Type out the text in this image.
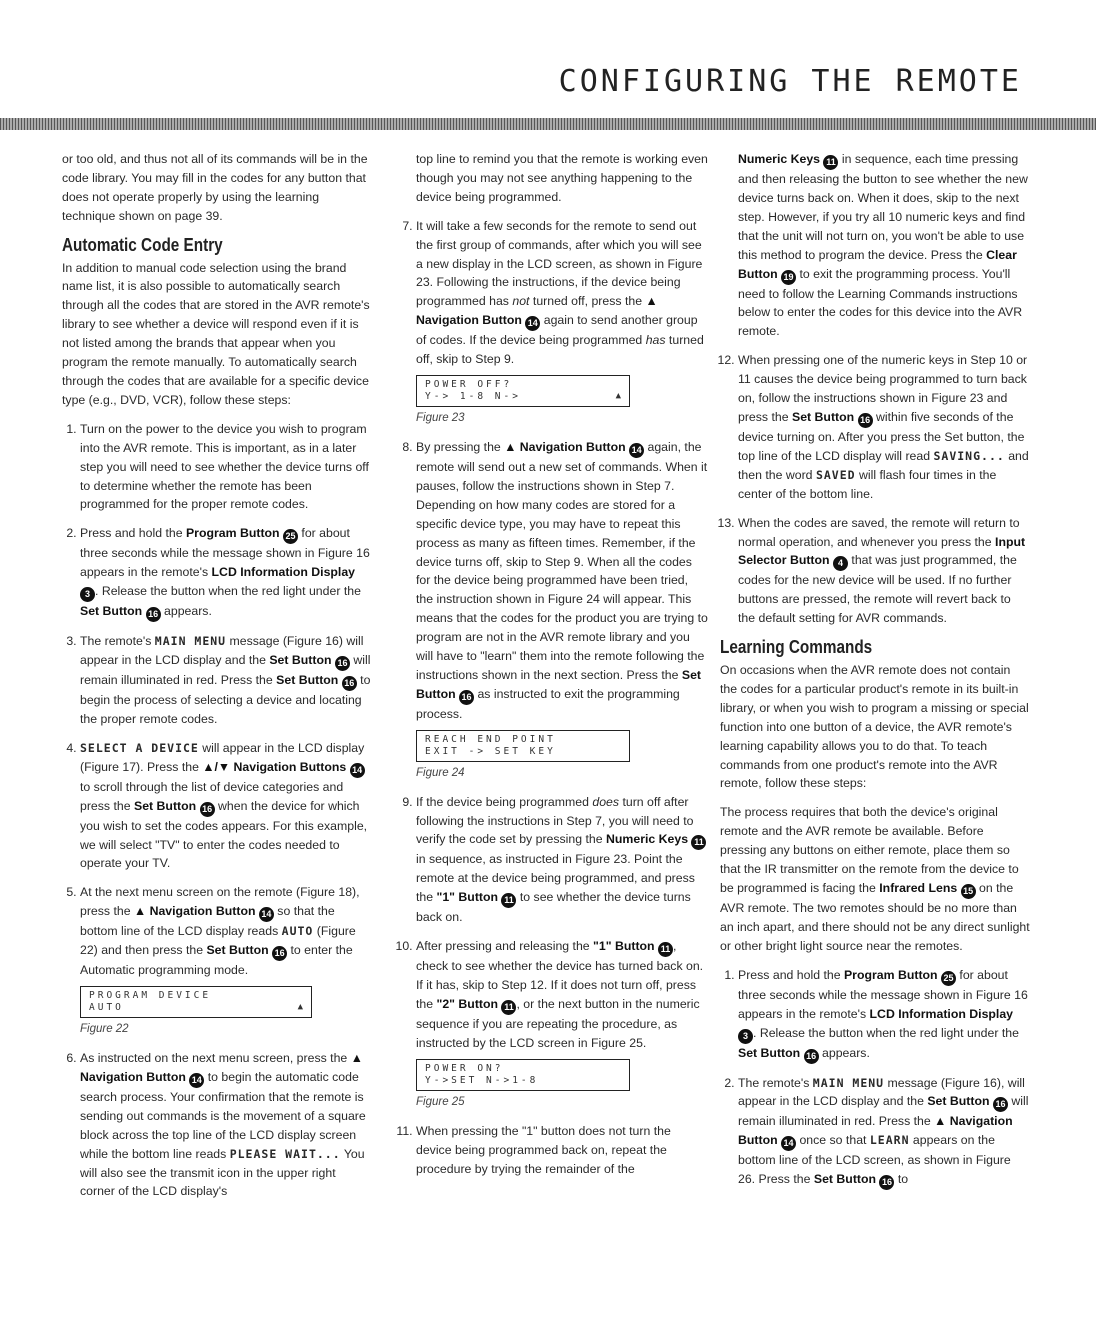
CONFIGURING THE REMOTE

or too old, and thus not all of its commands will be in the code library. You may fill in the codes for any button that does not operate properly by using the learning technique shown on page 39.

Automatic Code Entry

In addition to manual code selection using the brand name list, it is also possible to automatically search through all the codes that are stored in the AVR remote's library to see whether a device will respond even if it is not listed among the brands that appear when you program the remote manually. To automatically search through the codes that are available for a specific device type (e.g., DVD, VCR), follow these steps:

1. Turn on the power to the device you wish to program into the AVR remote. This is important, as in a later step you will need to see whether the device turns off to determine whether the remote has been programmed for the proper remote codes.
2. Press and hold the Program Button 25 for about three seconds while the message shown in Figure 16 appears in the remote's LCD Information Display 3 . Release the button when the red light under the Set Button 16 appears.
3. The remote's MAIN MENU message (Figure 16) will appear in the LCD display and the Set Button 16 will remain illuminated in red. Press the Set Button 16 to begin the process of selecting a device and locating the proper remote codes.
4. SELECT A DEVICE will appear in the LCD display (Figure 17). Press the ▲/▼ Navigation Buttons 14 to scroll through the list of device categories and press the Set Button 16 when the device for which you wish to set the codes appears. For this example, we will select "TV" to enter the codes needed to operate your TV.
5. At the next menu screen on the remote (Figure 18), press the ▲ Navigation Button 14 so that the bottom line of the LCD display reads AUTO (Figure 22) and then press the Set Button 16 to enter the Automatic programming mode.
PROGRAM DEVICE
AUTO	▲
Figure 22
6. As instructed on the next menu screen, press the ▲ Navigation Button 14 to begin the automatic code search process. Your confirmation that the remote is sending out commands is the movement of a square block across the top line of the LCD display screen while the bottom line reads PLEASE WAIT... You will also see the transmit icon in the upper right corner of the LCD display's

top line to remind you that the remote is working even though you may not see anything happening to the device being programmed.

7. It will take a few seconds for the remote to send out the first group of commands, after which you will see a new display in the LCD screen, as shown in Figure 23. Following the instructions, if the device being programmed has not turned off, press the ▲ Navigation Button 14 again to send another group of codes. If the device being programmed has turned off, skip to Step 9.
POWER OFF?
Y-> 1-8 N->	▲
Figure 23
8. By pressing the ▲ Navigation Button 14 again, the remote will send out a new set of commands. When it pauses, follow the instructions shown in Step 7. Depending on how many codes are stored for a specific device type, you may have to repeat this process as many as fifteen times. Remember, if the device turns off, skip to Step 9. When all the codes for the device being programmed have been tried, the instruction shown in Figure 24 will appear. This means that the codes for the product you are trying to program are not in the AVR remote library and you will have to "learn" them into the remote following the instructions shown in the next section. Press the Set Button 16 as instructed to exit the programming process.
REACH END POINT
EXIT -> SET KEY
Figure 24
9. If the device being programmed does turn off after following the instructions in Step 7, you will need to verify the code set by pressing the Numeric Keys 11 in sequence, as instructed in Figure 23. Point the remote at the device being programmed, and press the "1" Button 11 to see whether the device turns back on.
10. After pressing and releasing the "1" Button 11 , check to see whether the device has turned back on. If it has, skip to Step 12. If it does not turn off, press the "2" Button 11 , or the next button in the numeric sequence if you are repeating the procedure, as instructed by the LCD screen in Figure 25.
POWER ON?
Y->SET N->1-8
Figure 25
11. When pressing the "1" button does not turn the device being programmed back on, repeat the procedure by trying the remainder of the

Numeric Keys 11 in sequence, each time pressing and then releasing the button to see whether the new device turns back on. When it does, skip to the next step. However, if you try all 10 numeric keys and find that the unit will not turn on, you won't be able to use this method to program the device. Press the Clear Button 19 to exit the programming process. You'll need to follow the Learning Commands instructions below to enter the codes for this device into the AVR remote.

12. When pressing one of the numeric keys in Step 10 or 11 causes the device being programmed to turn back on, follow the instructions shown in Figure 23 and press the Set Button 16 within five seconds of the device turning on. After you press the Set button, the top line of the LCD display will read SAVING... and then the word SAVED will flash four times in the center of the bottom line.
13. When the codes are saved, the remote will return to normal operation, and whenever you press the Input Selector Button 4 that was just programmed, the codes for the new device will be used. If no further buttons are pressed, the remote will revert back to the default setting for AVR commands.
Learning Commands

On occasions when the AVR remote does not contain the codes for a particular product's remote in its built-in library, or when you wish to program a missing or special function into one button of a device, the AVR remote's learning capability allows you to do that. To teach commands from one product's remote into the AVR remote, follow these steps:

The process requires that both the device's original remote and the AVR remote be available. Before pressing any buttons on either remote, place them so that the IR transmitter on the remote from the device to be programmed is facing the Infrared Lens 15 on the AVR remote. The two remotes should be no more than an inch apart, and there should not be any direct sunlight or other bright light source near the remotes.

1. Press and hold the Program Button 25 for about three seconds while the message shown in Figure 16 appears in the remote's LCD Information Display 3 . Release the button when the red light under the Set Button 16 appears.
2. The remote's MAIN MENU message (Figure 16), will appear in the LCD display and the Set Button 16 will remain illuminated in red. Press the ▲ Navigation Button 14 once so that LEARN appears on the bottom line of the LCD screen, as shown in Figure 26. Press the Set Button 16 to
